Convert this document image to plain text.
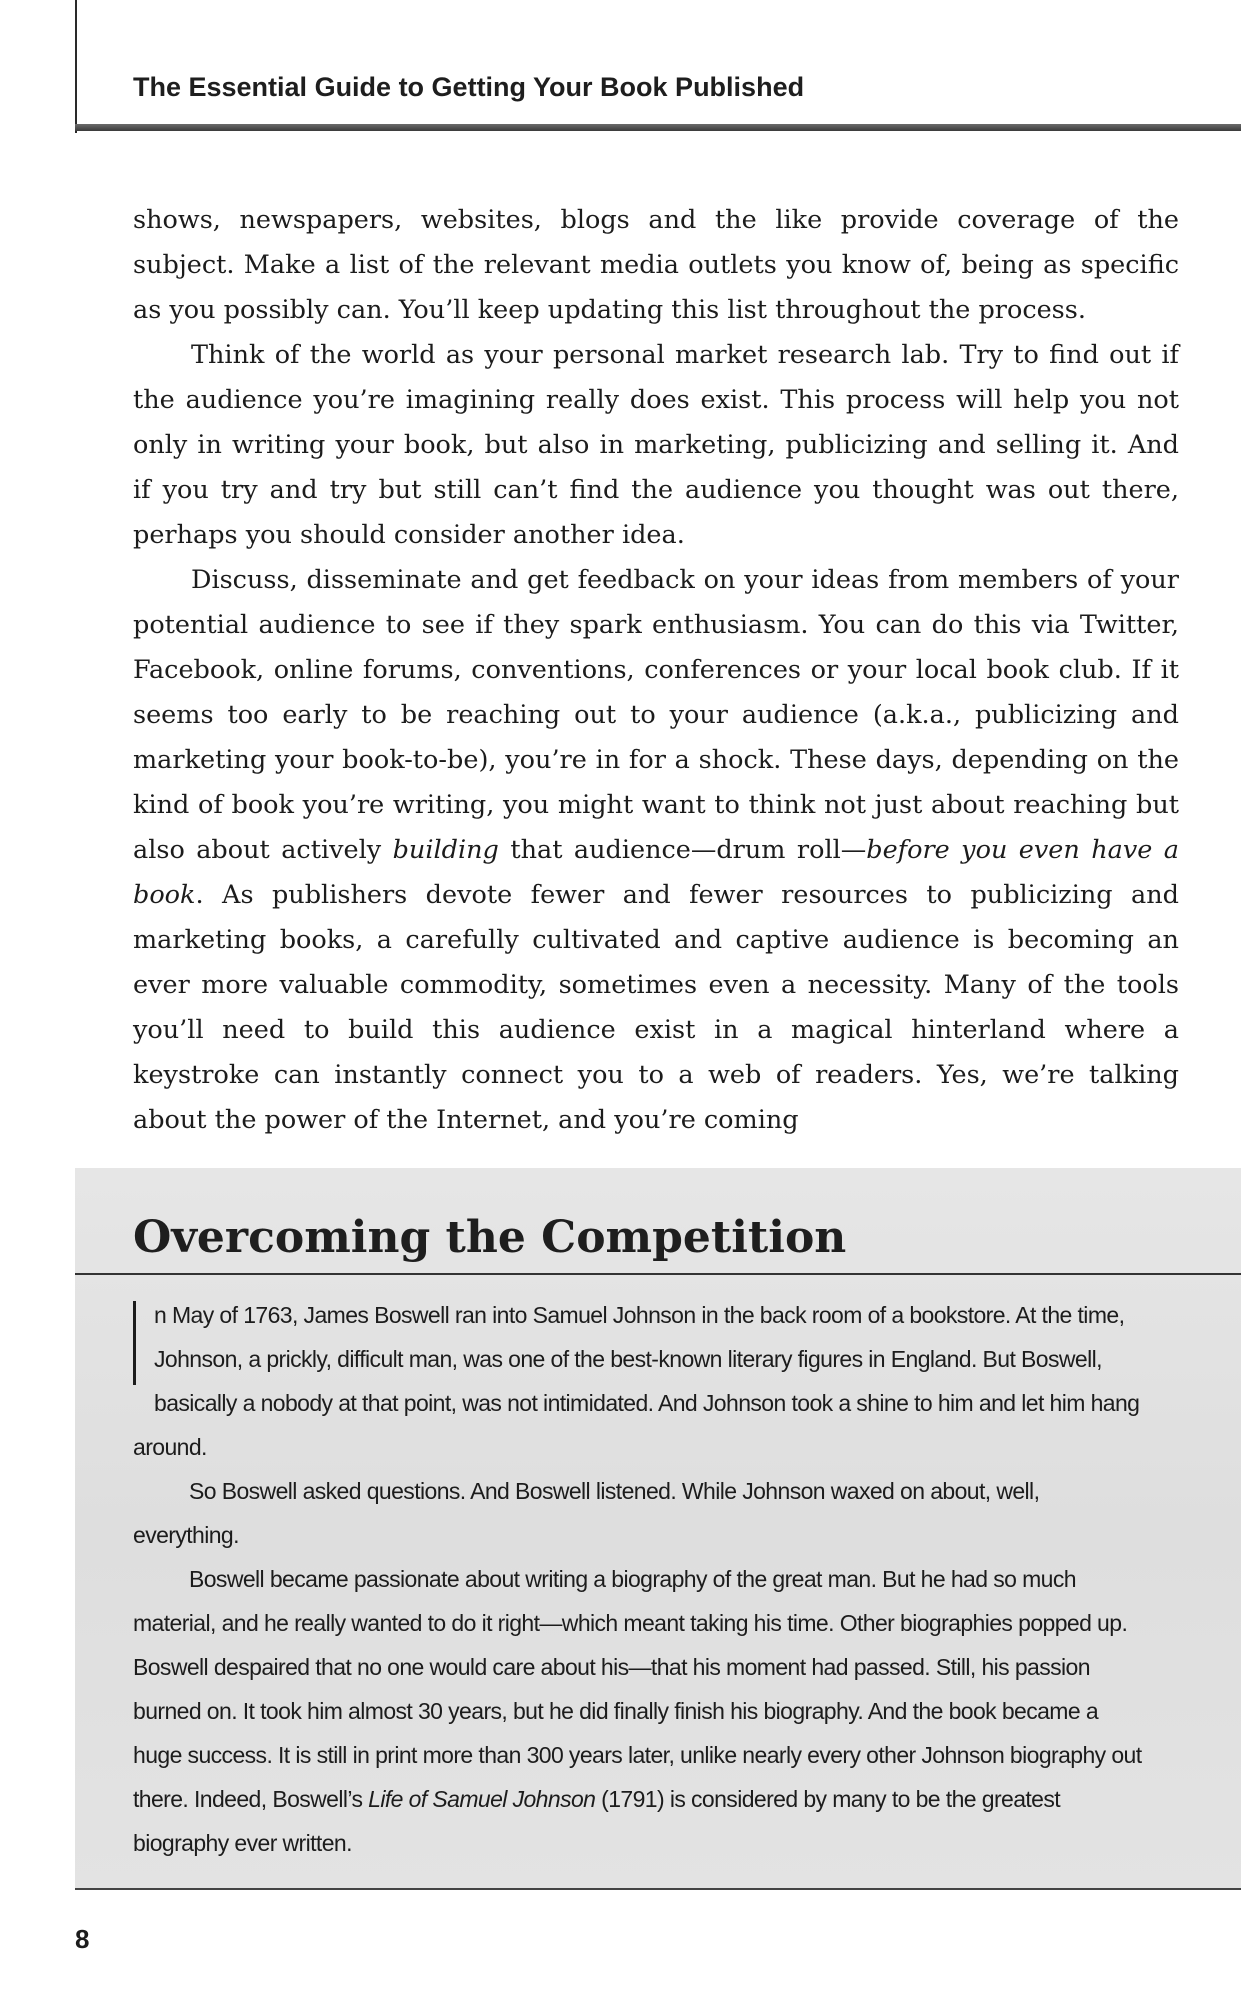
The Essential Guide to Getting Your Book Published

shows, newspapers, websites, blogs and the like provide coverage of the subject. Make a list of the relevant media outlets you know of, being as specific as you possibly can. You’ll keep updating this list throughout the process.

Think of the world as your personal market research lab. Try to find out if the audience you’re imagining really does exist. This process will help you not only in writing your book, but also in marketing, publicizing and selling it. And if you try and try but still can’t find the audience you thought was out there, perhaps you should consider another idea.

Discuss, disseminate and get feedback on your ideas from members of your potential audience to see if they spark enthusiasm. You can do this via Twitter, Facebook, online forums, conventions, conferences or your local book club. If it seems too early to be reaching out to your audience (a.k.a., publicizing and marketing your book-to-be), you’re in for a shock. These days, depending on the kind of book you’re writing, you might want to think not just about reaching but also about actively building that audience—drum roll—before you even have a book. As publishers devote fewer and fewer resources to publicizing and marketing books, a carefully cultivated and captive audience is becoming an ever more valuable commodity, sometimes even a necessity. Many of the tools you’ll need to build this audience exist in a magical hinterland where a keystroke can instantly connect you to a web of readers. Yes, we’re talking about the power of the Internet, and you’re coming

Overcoming the Competition

n May of 1763, James Boswell ran into Samuel Johnson in the back room of a bookstore. At the time, Johnson, a prickly, difficult man, was one of the best-known literary figures in England. But Boswell, basically a nobody at that point, was not intimidated. And Johnson took a shine to him and let him hang around.

So Boswell asked questions. And Boswell listened. While Johnson waxed on about, well, everything.

Boswell became passionate about writing a biography of the great man. But he had so much material, and he really wanted to do it right—which meant taking his time. Other biographies popped up. Boswell despaired that no one would care about his—that his moment had passed. Still, his passion burned on. It took him almost 30 years, but he did finally finish his biography. And the book became a huge success. It is still in print more than 300 years later, unlike nearly every other Johnson biography out there. Indeed, Boswell’s Life of Samuel Johnson (1791) is considered by many to be the greatest biography ever written.

8
